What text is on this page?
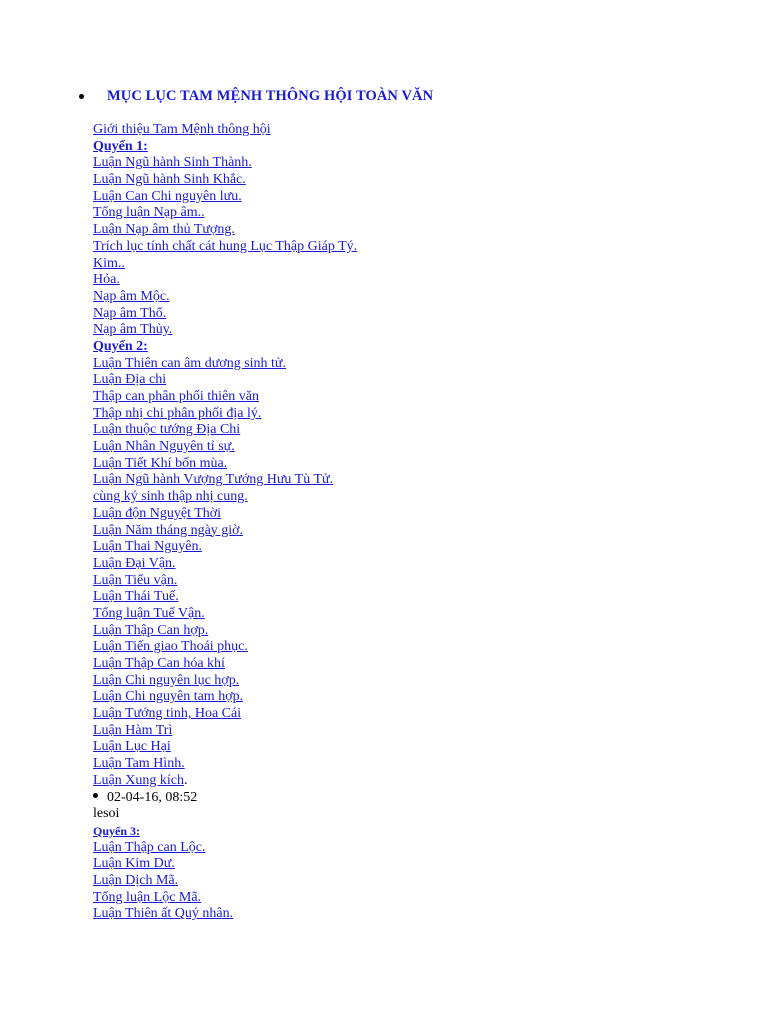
MỤC LỤC TAM MỆNH THÔNG HỘI TOÀN VĂN
Giới thiệu Tam Mệnh thông hội
Quyển 1:
Luận Ngũ hành Sinh Thành.
Luận Ngũ hành Sinh Khắc.
Luận Can Chi nguyên lưu.
Tổng luận Nạp âm..
Luận Nạp âm thủ Tượng.
Trích lục tính chất cát hung Lục Thập Giáp Tý.
Kim..
Hỏa.
Nạp âm Mộc.
Nạp âm Thổ.
Nạp âm Thủy.
Quyển 2:
Luận Thiên can âm dương sinh tử.
Luận Địa chi
Thập can phân phối thiên văn
Thập nhị chi phân phối địa lý.
Luận thuộc tướng Địa Chi
Luận Nhân Nguyên tỉ sự.
Luận Tiết Khí bốn mùa.
Luận Ngũ hành Vượng Tướng Hưu Tù Tử.
cùng ký sinh thập nhị cung.
Luận độn Nguyệt Thời
Luận Năm tháng ngày giờ.
Luận Thai Nguyên.
Luận Đại Vận.
Luận Tiểu vận.
Luận Thái Tuế.
Tổng luận Tuế Vận.
Luận Thập Can hợp.
Luận Tiến giao Thoái phục.
Luận Thập Can hóa khí
Luận Chi nguyên lục hợp.
Luận Chi nguyên tam hợp.
Luận Tướng tinh, Hoa Cái
Luận Hàm Trì
Luận Lục Hại
Luận Tam Hình.
Luận Xung kích.
02-04-16, 08:52
lesoi
Quyển 3:
Luận Thập can Lộc.
Luận Kim Dư.
Luận Dịch Mã.
Tổng luận Lộc Mã.
Luận Thiên ất Quý nhân.
